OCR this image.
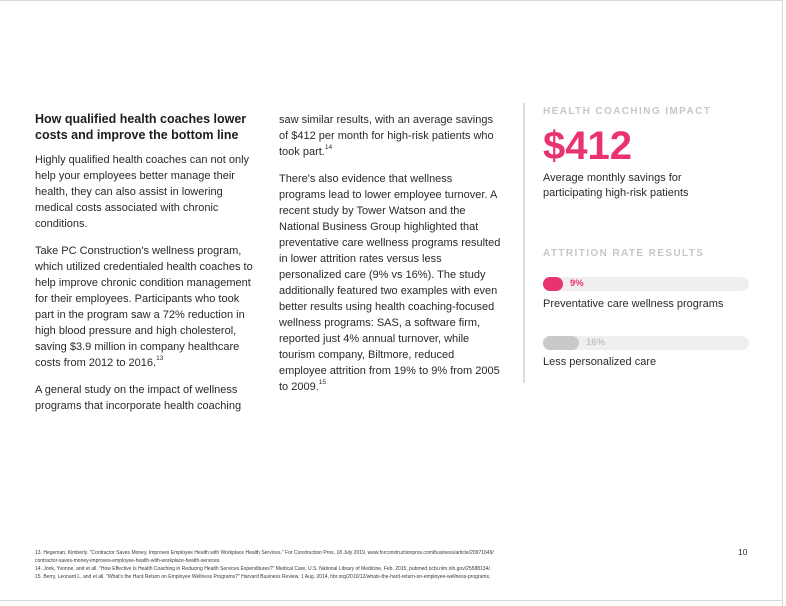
How qualified health coaches lower costs and improve the bottom line

Highly qualified health coaches can not only help your employees better manage their health, they can also assist in lowering medical costs associated with chronic conditions.

Take PC Construction's wellness program, which utilized credentialed health coaches to help improve chronic condition management for their employees. Participants who took part in the program saw a 72% reduction in high blood pressure and high cholesterol, saving $3.9 million in company healthcare costs from 2012 to 2016.13

A general study on the impact of wellness programs that incorporate health coaching

saw similar results, with an average savings of $412 per month for high-risk patients who took part.$^{14}$

There's also evidence that wellness programs lead to lower employee turnover. A recent study by Tower Watson and the National Business Group highlighted that preventative care wellness programs resulted in lower attrition rates versus less personalized care (9% vs 16%). The study additionally featured two examples with even better results using health coaching-focused wellness programs: SAS, a software firm, reported just 4% annual turnover, while tourism company, Biltmore, reduced employee attrition from 19% to 9% from 2005 to 2009.15

HEALTH COACHING IMPACT
$412
Average monthly savings for participating high-risk patients
ATTRITION RATE RESULTS
9%
Preventative care wellness programs
16%
Less personalized care
13. Hegeman, Kimberly. "Contractor Saves Money, Improves Employee Health with Workplace Health Services." For Construction Pros, 18 July 2019, www.forconstructionpros.com/business/article/20971649/
contractor-saves-money-improves-employee-health-with-workplace-health-services.
14. Jonk, Yvonne, and et all. "How Effective Is Health Coaching in Reducing Health Services Expenditures?" Medical Care, U.S. National Library of Medicine, Feb. 2015, pubmed.ncbi.nlm.nih.gov/25588134/.
15. Berry, Leonard L, and et all. "What's the Hard Return on Employee Wellness Programs?" Harvard Business Review, 1 Aug. 2014, hbr.org/2010/12/whats-the-hard-return-on-employee-wellness-programs.
10
